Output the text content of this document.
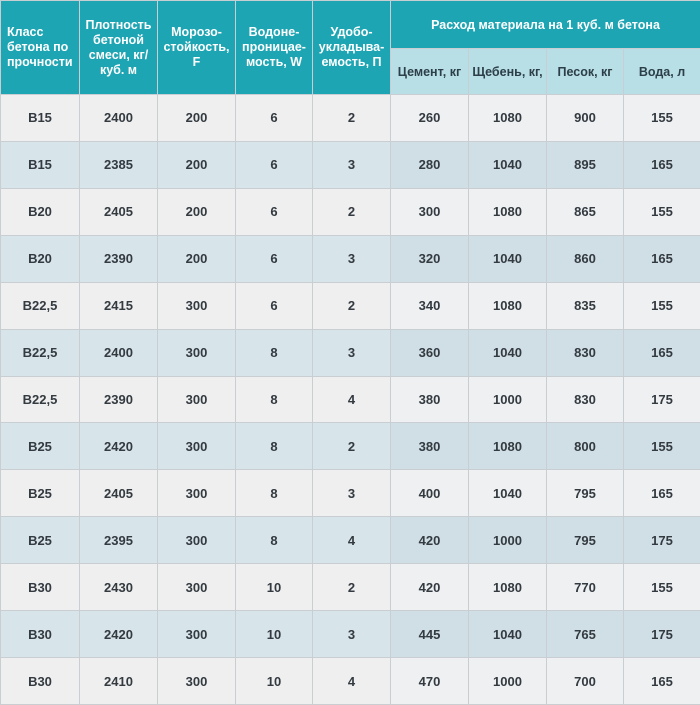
Класс бетона по прочности	Плотность бетоной смеси, кг/куб. м	Морозо-стойкость, F	Водоне-проницае-мость, W	Удобо-укладыва-емость, П	Расход материала на 1 куб. м бетона			
					Цемент, кг	Щебень, кг,	Песок, кг	Вода, л
В15	2400	200	6	2	260	1080	900	155
В15	2385	200	6	3	280	1040	895	165
В20	2405	200	6	2	300	1080	865	155
В20	2390	200	6	3	320	1040	860	165
В22,5	2415	300	6	2	340	1080	835	155
В22,5	2400	300	8	3	360	1040	830	165
В22,5	2390	300	8	4	380	1000	830	175
В25	2420	300	8	2	380	1080	800	155
В25	2405	300	8	3	400	1040	795	165
В25	2395	300	8	4	420	1000	795	175
В30	2430	300	10	2	420	1080	770	155
В30	2420	300	10	3	445	1040	765	175
В30	2410	300	10	4	470	1000	700	165
